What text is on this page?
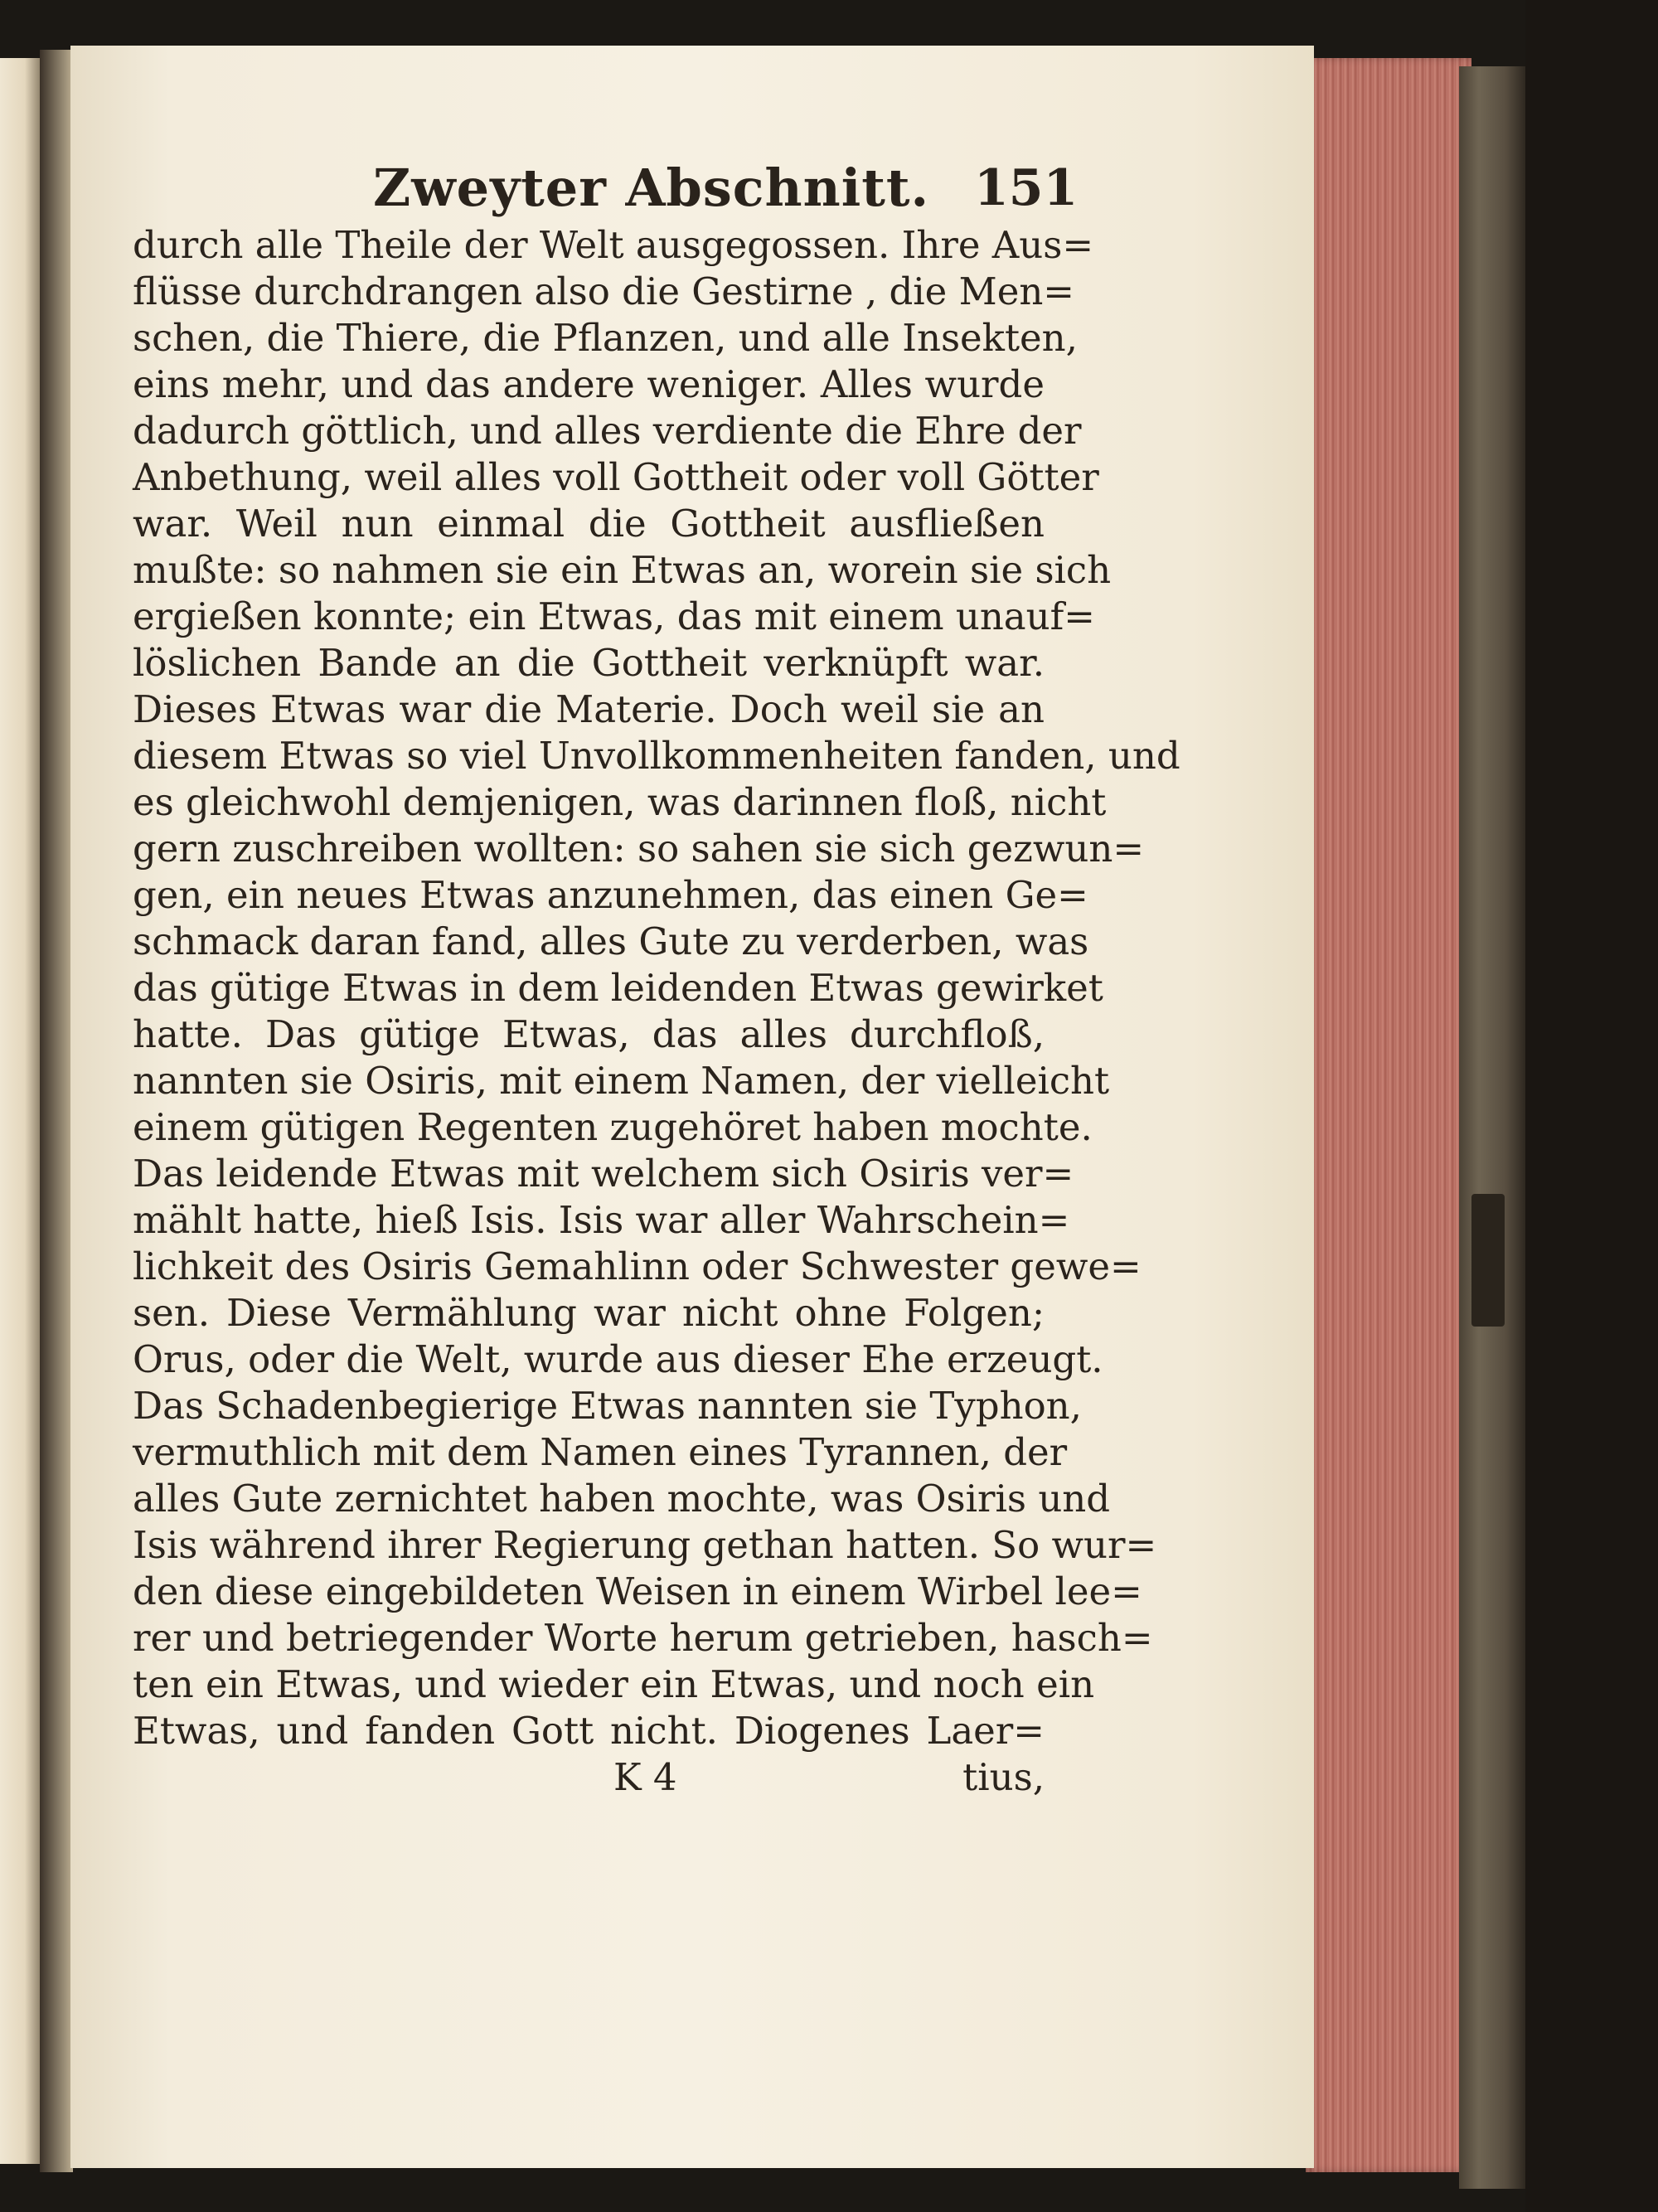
Zweyter Abschnitt. 151
durch alle Theile der Welt ausgegossen. Ihre Aus=
flüsse durchdrangen also die Gestirne , die Men=
schen, die Thiere, die Pflanzen, und alle Insekten,
eins mehr, und das andere weniger. Alles wurde
dadurch göttlich, und alles verdiente die Ehre der
Anbethung, weil alles voll Gottheit oder voll Götter
war. Weil nun einmal die Gottheit ausfließen
mußte: so nahmen sie ein Etwas an, worein sie sich
ergießen konnte; ein Etwas, das mit einem unauf=
löslichen Bande an die Gottheit verknüpft war.
Dieses Etwas war die Materie. Doch weil sie an
diesem Etwas so viel Unvollkommenheiten fanden, und
es gleichwohl demjenigen, was darinnen floß, nicht
gern zuschreiben wollten: so sahen sie sich gezwun=
gen, ein neues Etwas anzunehmen, das einen Ge=
schmack daran fand, alles Gute zu verderben, was
das gütige Etwas in dem leidenden Etwas gewirket
hatte. Das gütige Etwas, das alles durchfloß,
nannten sie Osiris, mit einem Namen, der vielleicht
einem gütigen Regenten zugehöret haben mochte.
Das leidende Etwas mit welchem sich Osiris ver=
mählt hatte, hieß Isis. Isis war aller Wahrschein=
lichkeit des Osiris Gemahlinn oder Schwester gewe=
sen. Diese Vermählung war nicht ohne Folgen;
Orus, oder die Welt, wurde aus dieser Ehe erzeugt.
Das Schadenbegierige Etwas nannten sie Typhon,
vermuthlich mit dem Namen eines Tyrannen, der
alles Gute zernichtet haben mochte, was Osiris und
Isis während ihrer Regierung gethan hatten. So wur=
den diese eingebildeten Weisen in einem Wirbel lee=
rer und betriegender Worte herum getrieben, hasch=
ten ein Etwas, und wieder ein Etwas, und noch ein
Etwas, und fanden Gott nicht. Diogenes Laer=
K 4	tius,
